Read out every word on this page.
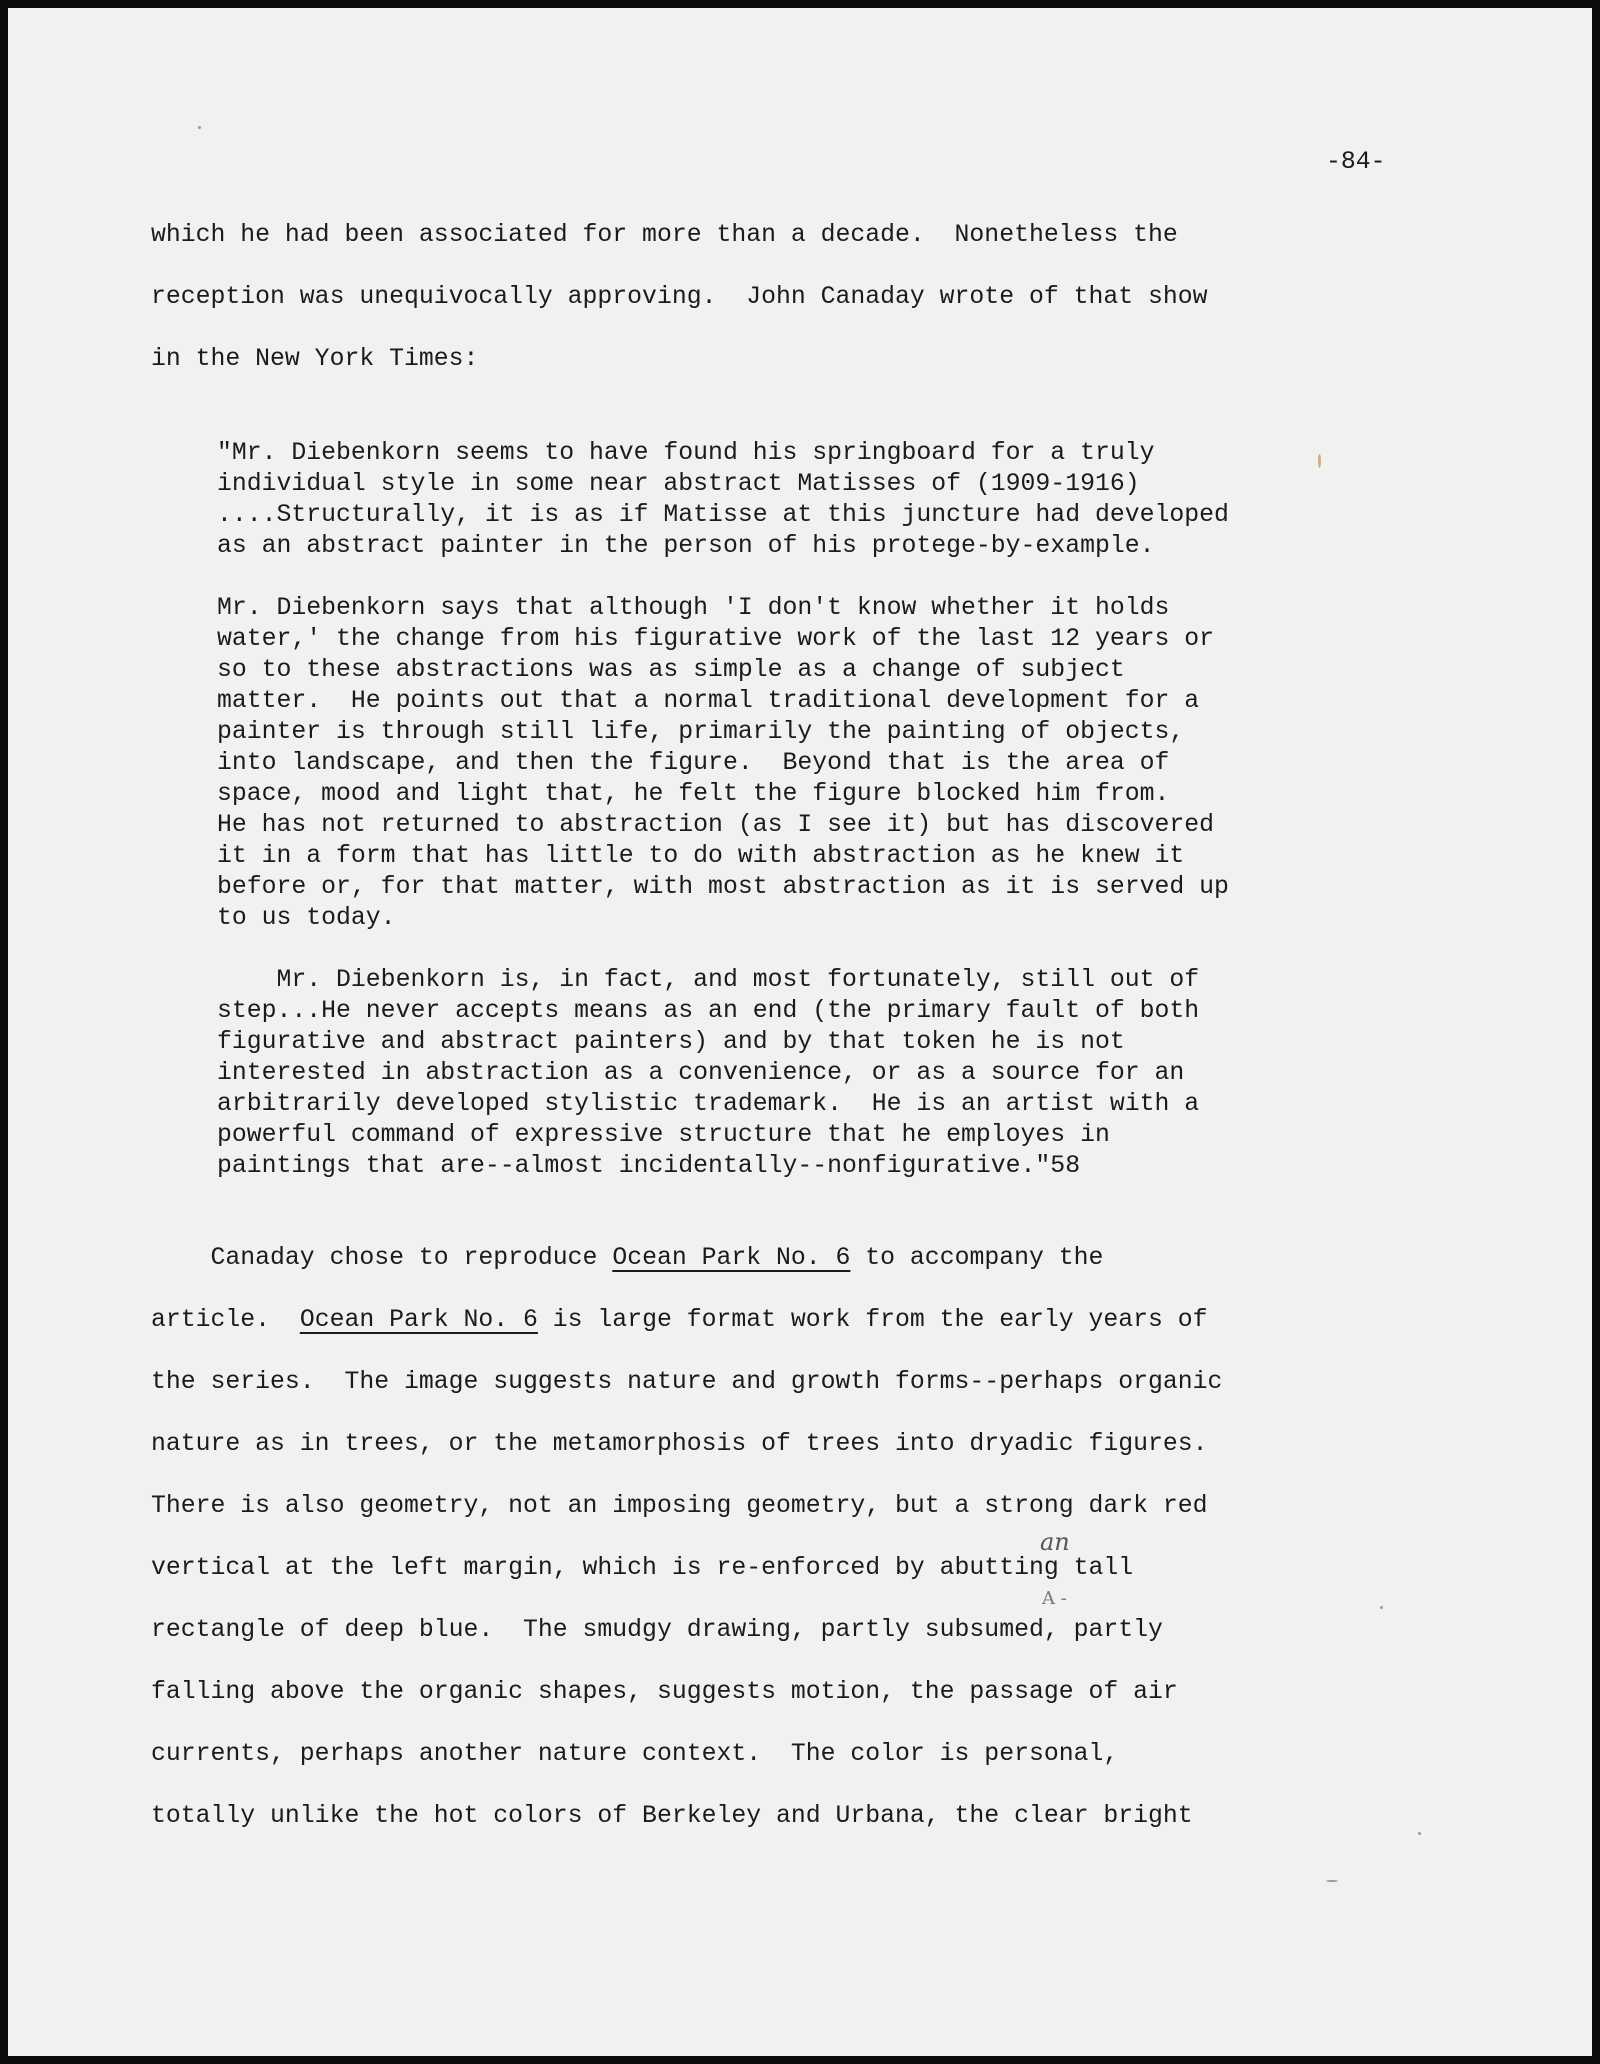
-84-
which he had been associated for more than a decade.  Nonetheless the
reception was unequivocally approving.  John Canaday wrote of that show
in the New York Times:
"Mr. Diebenkorn seems to have found his springboard for a truly
individual style in some near abstract Matisses of (1909-1916)
....Structurally, it is as if Matisse at this juncture had developed
as an abstract painter in the person of his protege-by-example.
Mr. Diebenkorn says that although 'I don't know whether it holds
water,' the change from his figurative work of the last 12 years or
so to these abstractions was as simple as a change of subject
matter.  He points out that a normal traditional development for a
painter is through still life, primarily the painting of objects,
into landscape, and then the figure.  Beyond that is the area of
space, mood and light that, he felt the figure blocked him from.
He has not returned to abstraction (as I see it) but has discovered
it in a form that has little to do with abstraction as he knew it
before or, for that matter, with most abstraction as it is served up
to us today.
Mr. Diebenkorn is, in fact, and most fortunately, still out of
step...He never accepts means as an end (the primary fault of both
figurative and abstract painters) and by that token he is not
interested in abstraction as a convenience, or as a source for an
arbitrarily developed stylistic trademark.  He is an artist with a
powerful command of expressive structure that he employes in
paintings that are--almost incidentally--nonfigurative."58
Canaday chose to reproduce Ocean Park No. 6 to accompany the
article.  Ocean Park No. 6 is large format work from the early years of
the series.  The image suggests nature and growth forms--perhaps organic
nature as in trees, or the metamorphosis of trees into dryadic figures.
There is also geometry, not an imposing geometry, but a strong dark red
vertical at the left margin, which is re-enforced by abutting tall
rectangle of deep blue.  The smudgy drawing, partly subsumed, partly
falling above the organic shapes, suggests motion, the passage of air
currents, perhaps another nature context.  The color is personal,
totally unlike the hot colors of Berkeley and Urbana, the clear bright
an
A -
